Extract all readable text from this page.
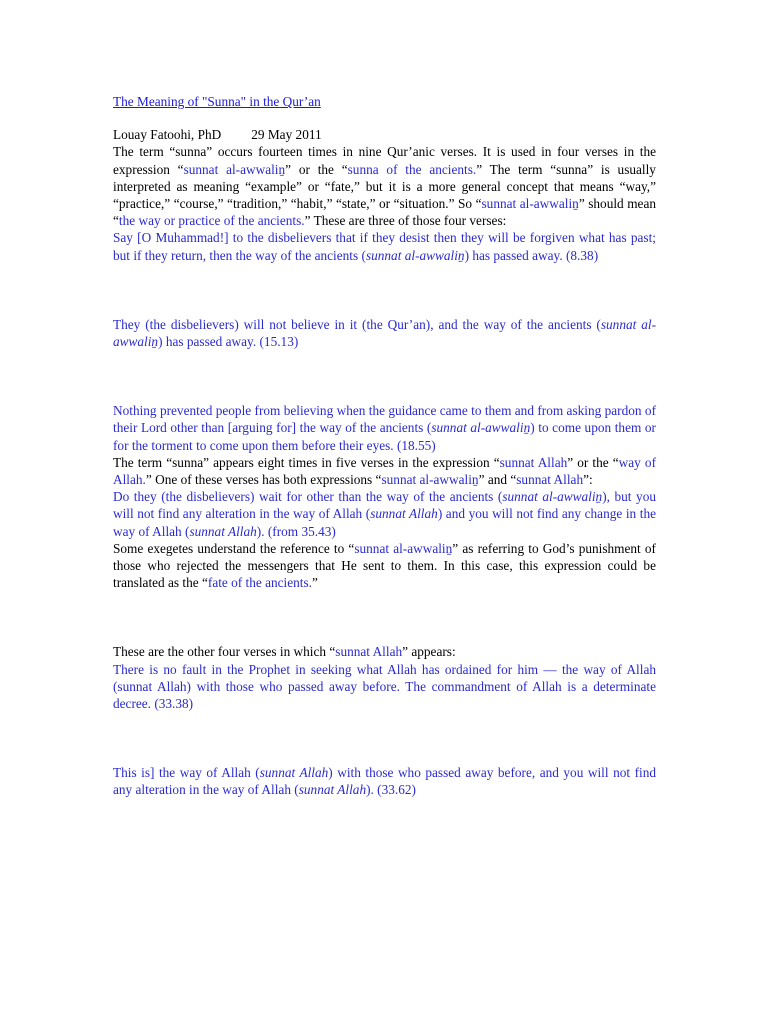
The Meaning of "Sunna" in the Qur’an

Louay Fatoohi, PhD 29 May 2011

The term “sunna” occurs fourteen times in nine Qur’anic verses. It is used in four verses in the expression “sunnat al-awwaliṉ” or the “sunna of the ancients.” The term “sunna” is usually interpreted as meaning “example” or “fate,” but it is a more general concept that means “way,” “practice,” “course,” “tradition,” “habit,” “state,” or “situation.” So “sunnat al-awwaliṉ” should mean “the way or practice of the ancients.” These are three of those four verses:

Say [O Muhammad!] to the disbelievers that if they desist then they will be forgiven what has past; but if they return, then the way of the ancients (sunnat al-awwaliṉ) has passed away. (8.38)

They (the disbelievers) will not believe in it (the Qur’an), and the way of the ancients (sunnat al-awwaliṉ) has passed away. (15.13)

Nothing prevented people from believing when the guidance came to them and from asking pardon of their Lord other than [arguing for] the way of the ancients (sunnat al-awwaliṉ) to come upon them or for the torment to come upon them before their eyes. (18.55)

The term “sunna” appears eight times in five verses in the expression “sunnat Allah” or the “way of Allah.” One of these verses has both expressions “sunnat al-awwaliṉ” and “sunnat Allah”:

Do they (the disbelievers) wait for other than the way of the ancients (sunnat al-awwaliṉ), but you will not find any alteration in the way of Allah (sunnat Allah) and you will not find any change in the way of Allah (sunnat Allah). (from 35.43)

Some exegetes understand the reference to “sunnat al-awwaliṉ” as referring to God’s punishment of those who rejected the messengers that He sent to them. In this case, this expression could be translated as the “fate of the ancients.”

These are the other four verses in which “sunnat Allah” appears:

There is no fault in the Prophet in seeking what Allah has ordained for him — the way of Allah (sunnat Allah) with those who passed away before. The commandment of Allah is a determinate decree. (33.38)

This is] the way of Allah (sunnat Allah) with those who passed away before, and you will not find any alteration in the way of Allah (sunnat Allah). (33.62)
